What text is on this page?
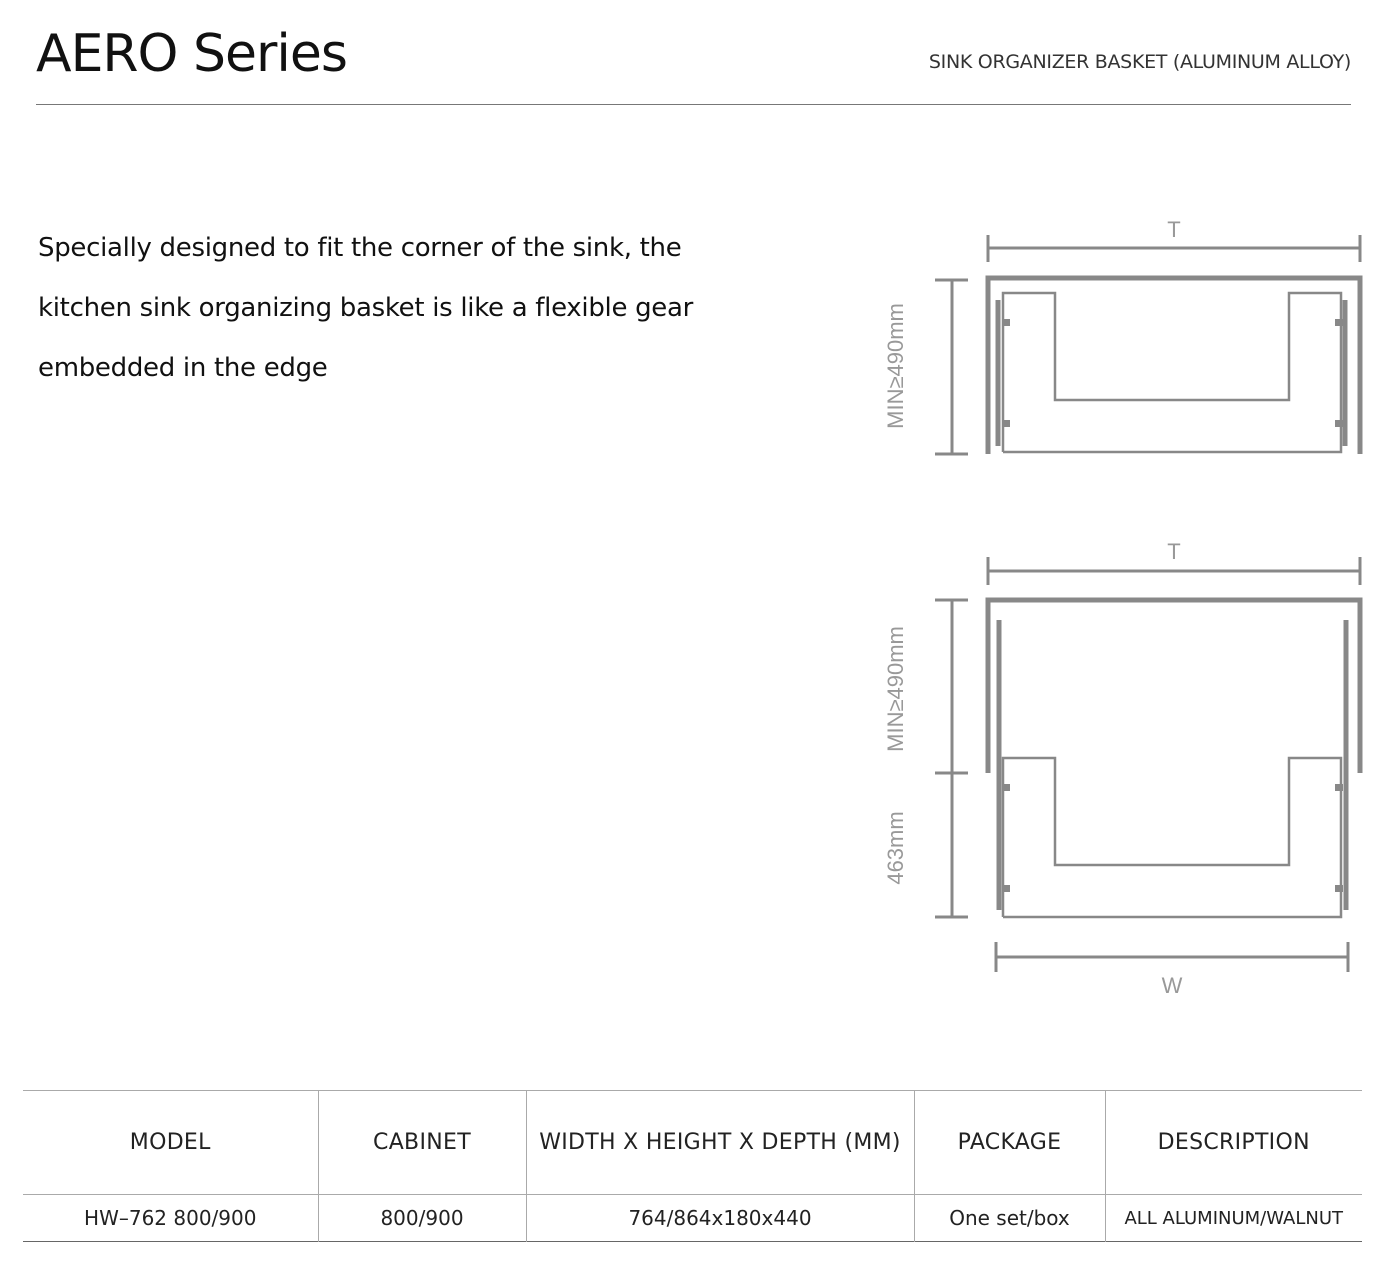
AERO Series	SINK ORGANIZER BASKET (ALUMINUM ALLOY)

Specially designed to fit the corner of the sink, the kitchen sink organizing basket is like a flexible gear embedded in the edge

T
MIN≥490mm
T
MIN≥490mm
463mm
W
MODEL	CABINET	WIDTH X HEIGHT X DEPTH (MM)	PACKAGE	DESCRIPTION
HW–762 800/900	800/900	764/864x180x440	One set/box	ALL ALUMINUM/WALNUT
